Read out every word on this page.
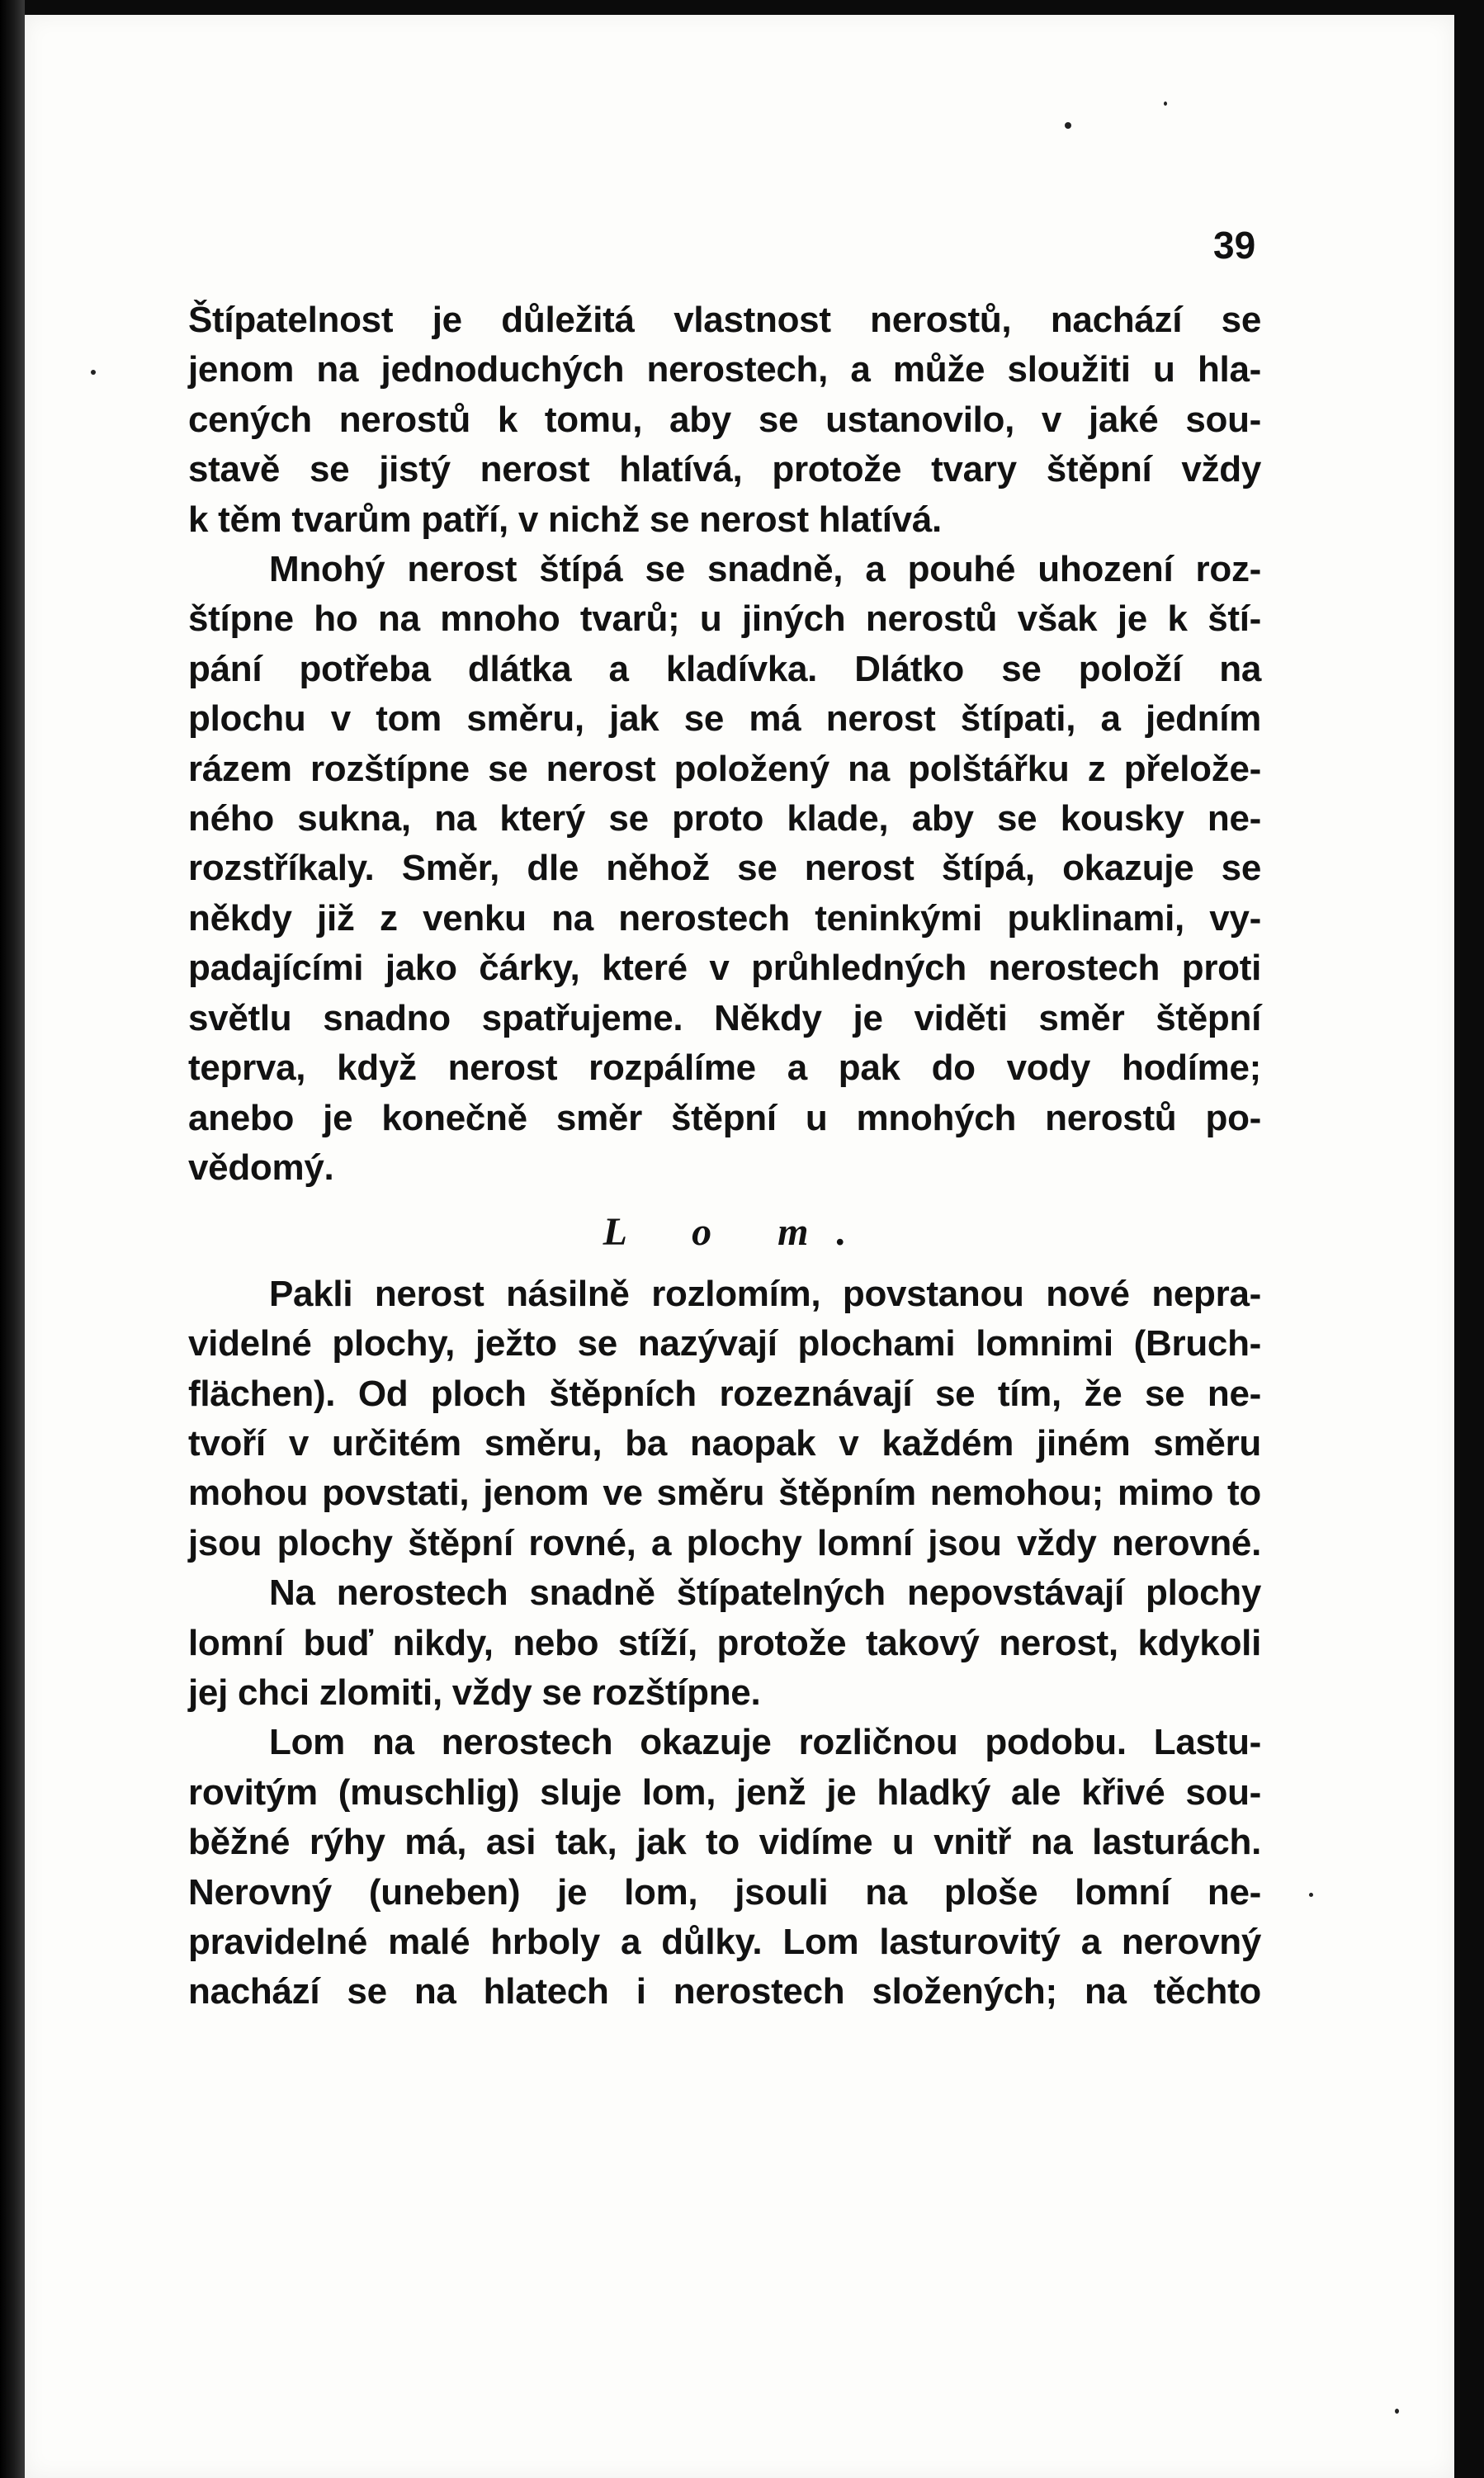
39
Štípatelnost je důležitá vlastnost nerostů, nachází se
jenom na jednoduchých nerostech, a může sloužiti u hla-
cených nerostů k tomu, aby se ustanovilo, v jaké sou-
stavě se jistý nerost hlatívá, protože tvary štěpní vždy
k těm tvarům patří, v nichž se nerost hlatívá.
Mnohý nerost štípá se snadně, a pouhé uhození roz-
štípne ho na mnoho tvarů; u jiných nerostů však je k ští-
pání potřeba dlátka a kladívka. Dlátko se položí na
plochu v tom směru, jak se má nerost štípati, a jedním
rázem rozštípne se nerost položený na polštářku z přelože-
ného sukna, na který se proto klade, aby se kousky ne-
rozstříkaly. Směr, dle něhož se nerost štípá, okazuje se
někdy již z venku na nerostech teninkými puklinami, vy-
padajícími jako čárky, které v průhledných nerostech proti
světlu snadno spatřujeme. Někdy je viděti směr štěpní
teprva, když nerost rozpálíme a pak do vody hodíme;
anebo je konečně směr štěpní u mnohých nerostů po-
vědomý.
L o m.
Pakli nerost násilně rozlomím, povstanou nové nepra-
videlné plochy, ježto se nazývají plochami lomnimi (Bruch-
flächen). Od ploch štěpních rozeznávají se tím, že se ne-
tvoří v určitém směru, ba naopak v každém jiném směru
mohou povstati, jenom ve směru štěpním nemohou; mimo to
jsou plochy štěpní rovné, a plochy lomní jsou vždy nerovné.
Na nerostech snadně štípatelných nepovstávají plochy
lomní buď nikdy, nebo stíží, protože takový nerost, kdykoli
jej chci zlomiti, vždy se rozštípne.
Lom na nerostech okazuje rozličnou podobu. Lastu-
rovitým (muschlig) sluje lom, jenž je hladký ale křivé sou-
běžné rýhy má, asi tak, jak to vidíme u vnitř na lasturách.
Nerovný (uneben) je lom, jsouli na ploše lomní ne-
pravidelné malé hrboly a důlky. Lom lasturovitý a nerovný
nachází se na hlatech i nerostech složených; na těchto
